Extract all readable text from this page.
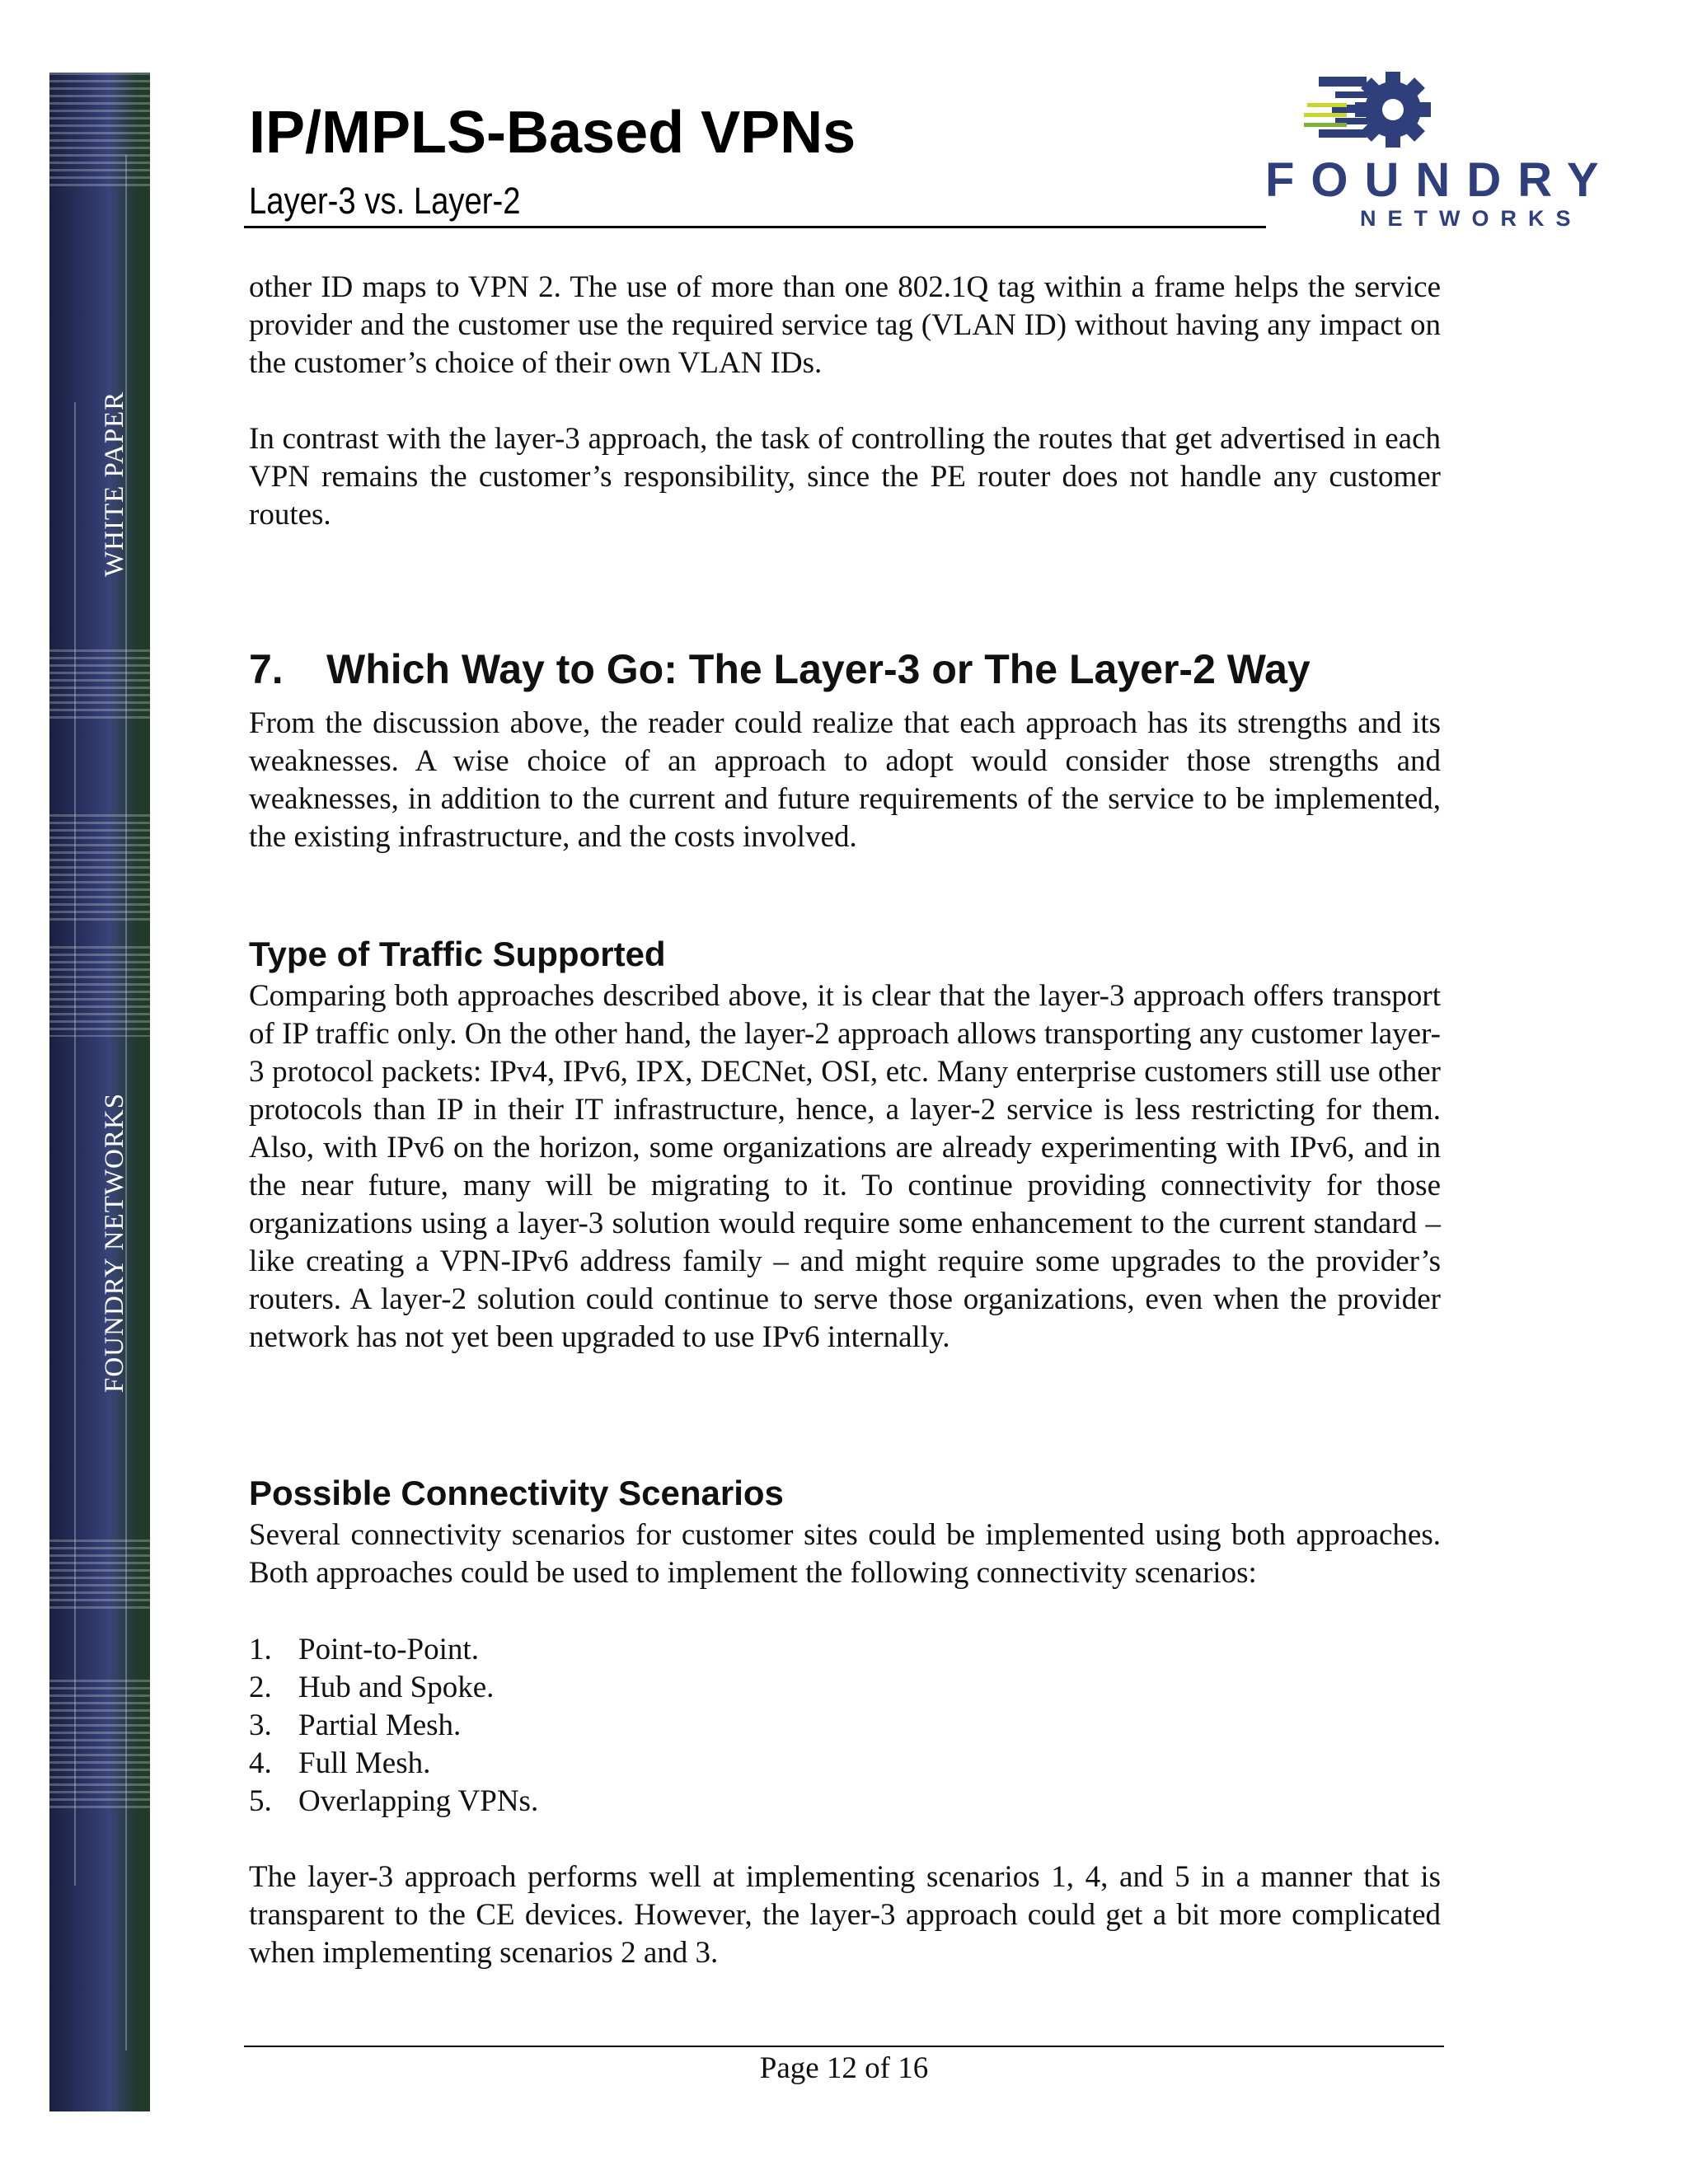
WHITE PAPER
FOUNDRY NETWORKS
IP/MPLS-Based VPNs
Layer-3 vs. Layer-2	FOUNDRY
NETWORKS

other ID maps to VPN 2. The use of more than one 802.1Q tag within a frame helps the service provider and the customer use the required service tag (VLAN ID) without having any impact on the customer’s choice of their own VLAN IDs.

In contrast with the layer-3 approach, the task of controlling the routes that get advertised in each VPN remains the customer’s responsibility, since the PE router does not handle any customer routes.

7. Which Way to Go: The Layer-3 or The Layer-2 Way

From the discussion above, the reader could realize that each approach has its strengths and its weaknesses. A wise choice of an approach to adopt would consider those strengths and weaknesses, in addition to the current and future requirements of the service to be implemented, the existing infrastructure, and the costs involved.

Type of Traffic Supported

Comparing both approaches described above, it is clear that the layer-3 approach offers transport of IP traffic only. On the other hand, the layer-2 approach allows transporting any customer layer-3 protocol packets: IPv4, IPv6, IPX, DECNet, OSI, etc. Many enterprise customers still use other protocols than IP in their IT infrastructure, hence, a layer-2 service is less restricting for them. Also, with IPv6 on the horizon, some organizations are already experimenting with IPv6, and in the near future, many will be migrating to it. To continue providing connectivity for those organizations using a layer-3 solution would require some enhancement to the current standard – like creating a VPN-IPv6 address family – and might require some upgrades to the provider’s routers. A layer-2 solution could continue to serve those organizations, even when the provider network has not yet been upgraded to use IPv6 internally.

Possible Connectivity Scenarios

Several connectivity scenarios for customer sites could be implemented using both approaches. Both approaches could be used to implement the following connectivity scenarios:

1. Point-to-Point.
2. Hub and Spoke.
3. Partial Mesh.
4. Full Mesh.
5. Overlapping VPNs.

The layer-3 approach performs well at implementing scenarios 1, 4, and 5 in a manner that is transparent to the CE devices. However, the layer-3 approach could get a bit more complicated when implementing scenarios 2 and 3.

Page 12 of 16
